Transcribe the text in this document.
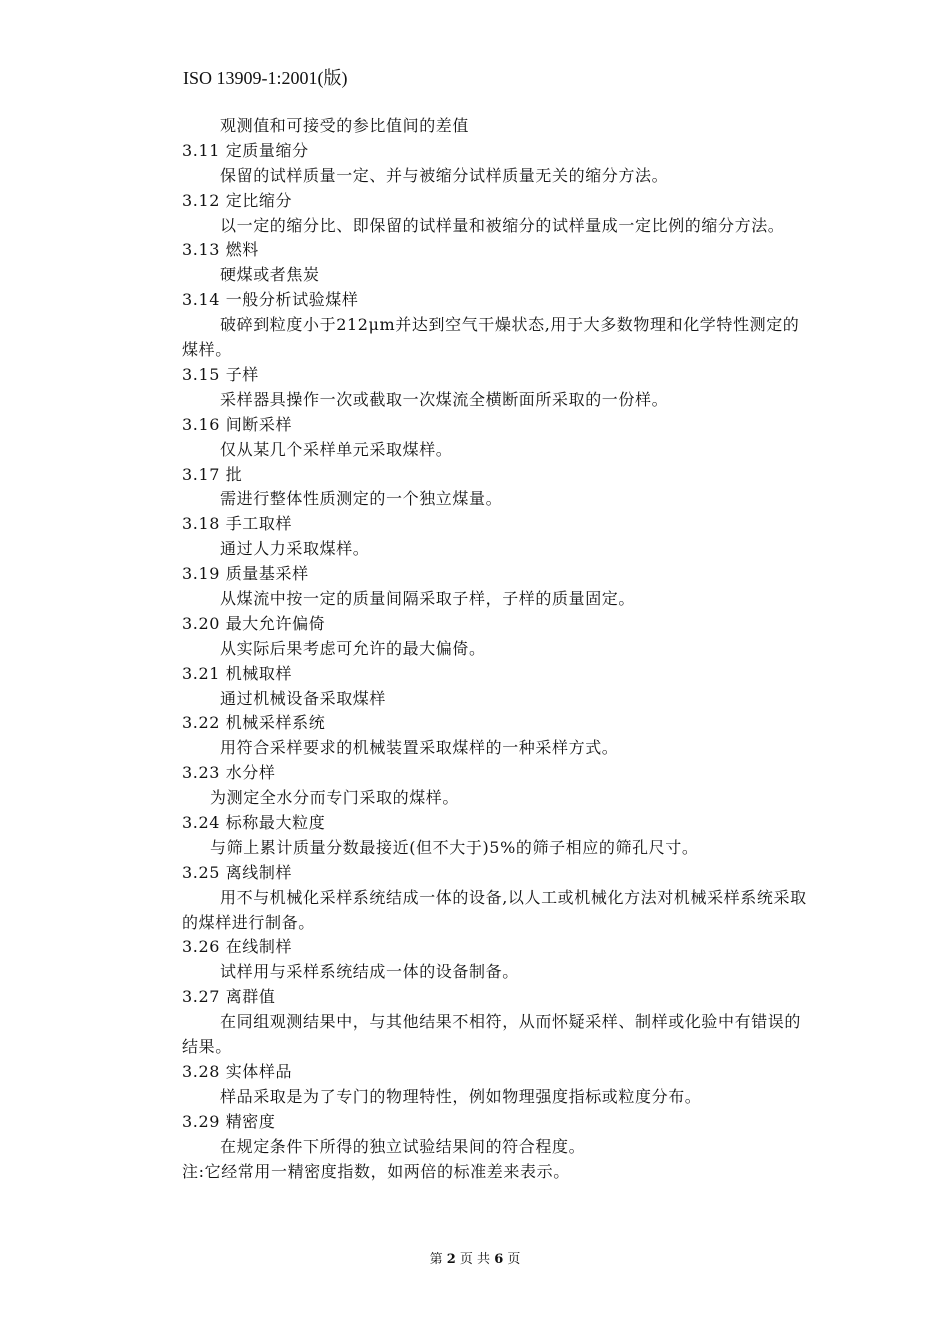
ISO 13909-1:2001(版)
观测值和可接受的参比值间的差值
3.11 定质量缩分
保留的试样质量一定、并与被缩分试样质量无关的缩分方法。
3.12 定比缩分
以一定的缩分比、即保留的试样量和被缩分的试样量成一定比例的缩分方法。
3.13 燃料
硬煤或者焦炭
3.14 一般分析试验煤样
破碎到粒度小于212μm并达到空气干燥状态,用于大多数物理和化学特性测定的煤样。
3.15 子样
采样器具操作一次或截取一次煤流全横断面所采取的一份样。
3.16 间断采样
仅从某几个采样单元采取煤样。
3.17 批
需进行整体性质测定的一个独立煤量。
3.18 手工取样
通过人力采取煤样。
3.19 质量基采样
从煤流中按一定的质量间隔采取子样，子样的质量固定。
3.20 最大允许偏倚
从实际后果考虑可允许的最大偏倚。
3.21 机械取样
通过机械设备采取煤样
3.22 机械采样系统
用符合采样要求的机械装置采取煤样的一种采样方式。
3.23 水分样
为测定全水分而专门采取的煤样。
3.24 标称最大粒度
与筛上累计质量分数最接近(但不大于)5%的筛子相应的筛孔尺寸。
3.25 离线制样
用不与机械化采样系统结成一体的设备,以人工或机械化方法对机械采样系统采取的煤样进行制备。
3.26 在线制样
试样用与采样系统结成一体的设备制备。
3.27 离群值
在同组观测结果中，与其他结果不相符，从而怀疑采样、制样或化验中有错误的结果。
3.28 实体样品
样品采取是为了专门的物理特性，例如物理强度指标或粒度分布。
3.29 精密度
在规定条件下所得的独立试验结果间的符合程度。
注:它经常用一精密度指数，如两倍的标准差来表示。
第 2 页 共 6 页
